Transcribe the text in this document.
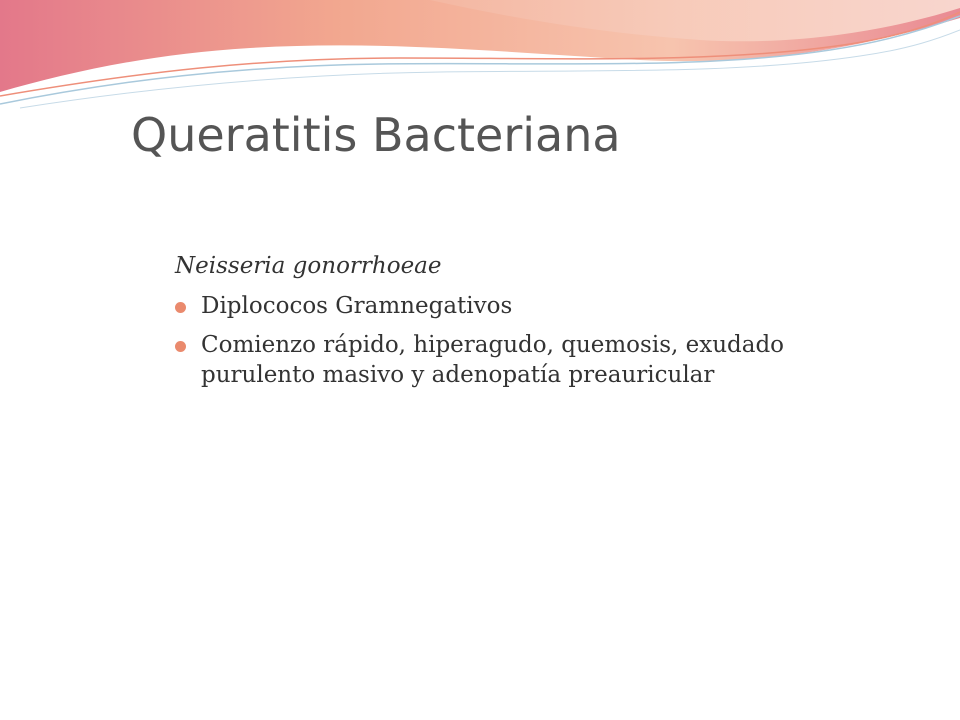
Queratitis Bacteriana

Neisseria gonorrhoeae

Diplococos Gramnegativos
Comienzo rápido, hiperagudo, quemosis, exudado purulento masivo y adenopatía preauricular
